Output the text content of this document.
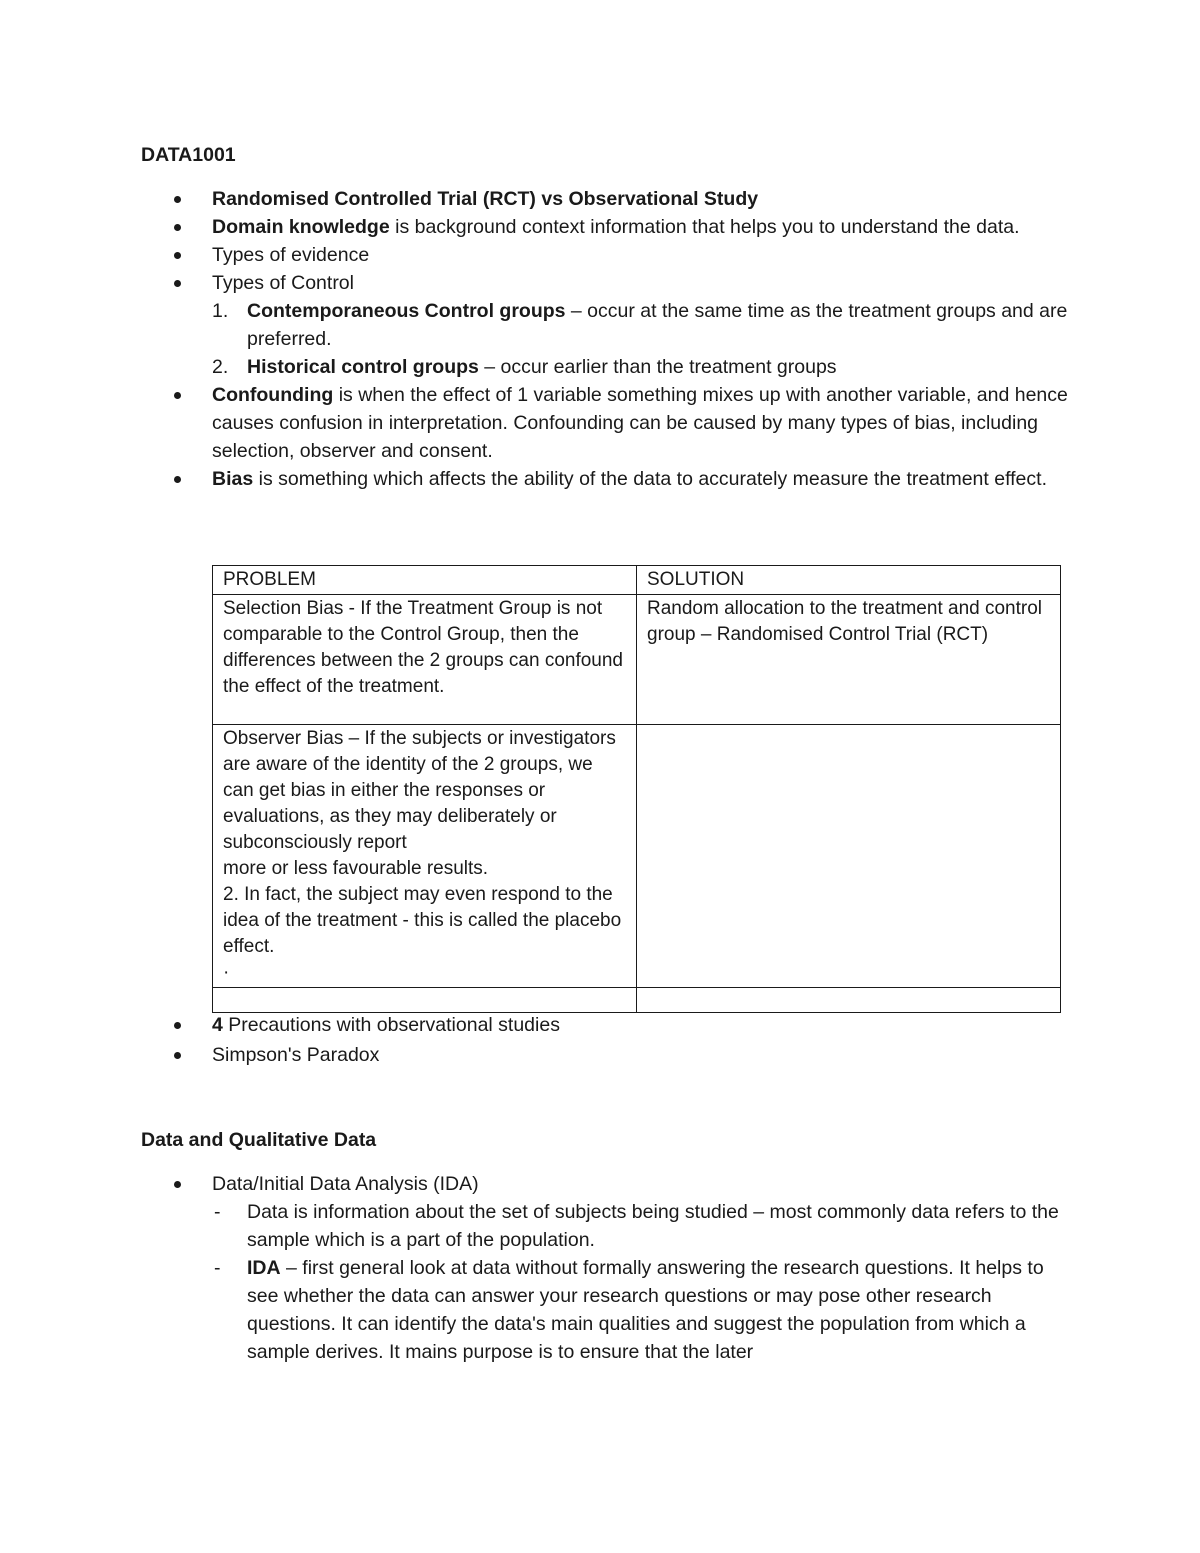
DATA1001
Randomised Controlled Trial (RCT) vs Observational Study
Domain knowledge is background context information that helps you to understand the data.
Types of evidence
Types of Control
1. Contemporaneous Control groups – occur at the same time as the treatment groups and are preferred.
2. Historical control groups – occur earlier than the treatment groups
Confounding is when the effect of 1 variable something mixes up with another variable, and hence causes confusion in interpretation. Confounding can be caused by many types of bias, including selection, observer and consent.
Bias is something which affects the ability of the data to accurately measure the treatment effect.
PROBLEM	SOLUTION

Selection Bias - If the Treatment Group is not comparable to the Control Group, then the

differences between the 2 groups can confound the effect of the treatment.	Random allocation to the treatment and control group – Randomised Control Trial (RCT)

Observer Bias – If the subjects or investigators are aware of the identity of the 2 groups, we can get bias in either the responses or evaluations, as they may deliberately or subconsciously report

more or less favourable results.

2. In fact, the subject may even respond to the idea of the treatment - this is called the placebo effect.

·	

4 Precautions with observational studies
Simpson's Paradox
Data and Qualitative Data
Data/Initial Data Analysis (IDA)
- Data is information about the set of subjects being studied – most commonly data refers to the sample which is a part of the population.
- IDA – first general look at data without formally answering the research questions. It helps to see whether the data can answer your research questions or may pose other research questions. It can identify the data's main qualities and suggest the population from which a sample derives. It mains purpose is to ensure that the later
